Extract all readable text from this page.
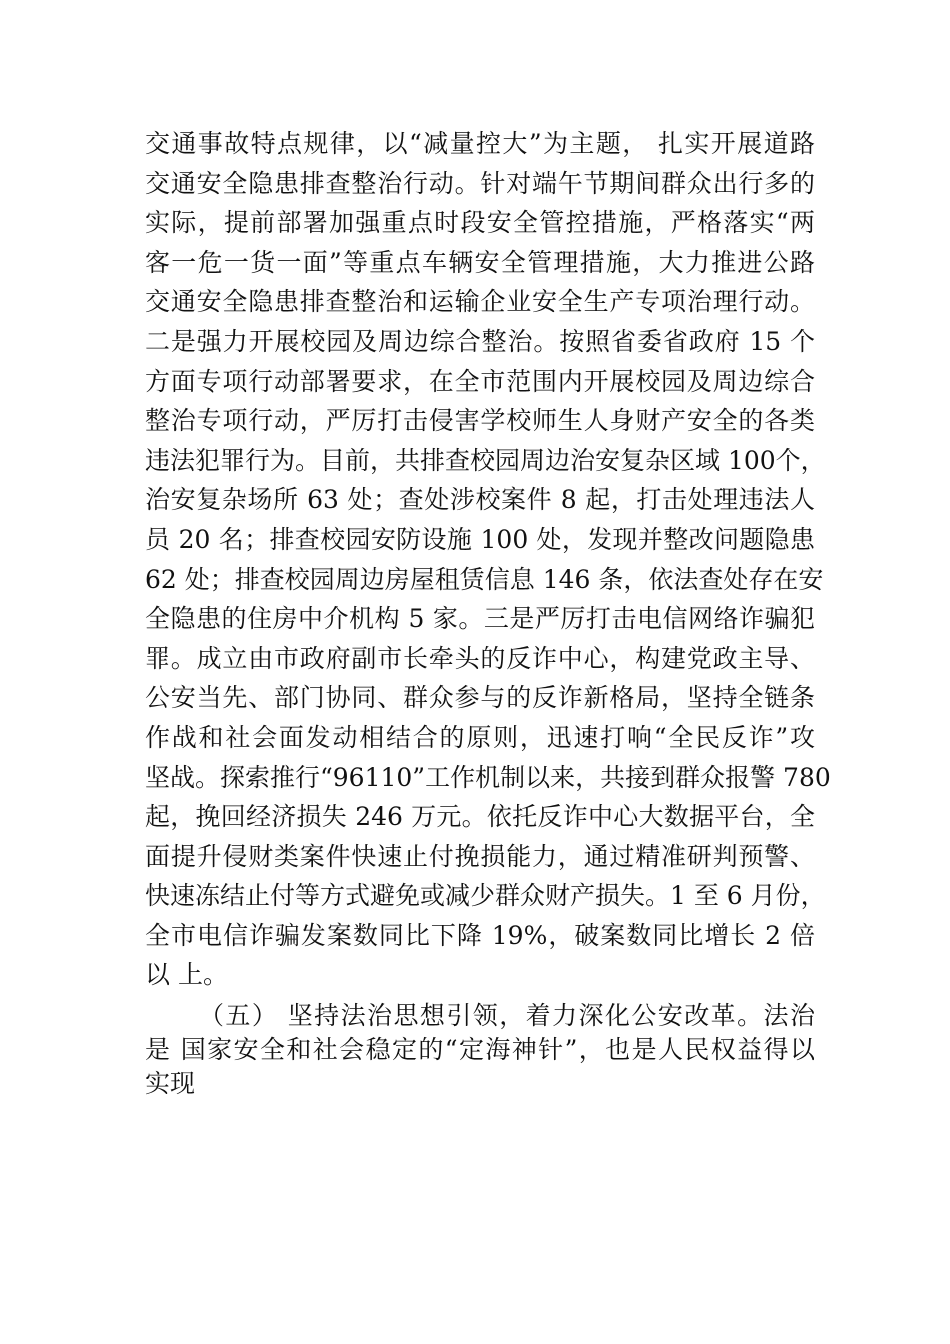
交通事故特点规律，以“减量控大”为主题， 扎实开展道路
交通安全隐患排查整治行动。针对端午节期间群众出行多的
实际，提前部署加强重点时段安全管控措施，严格落实“两
客一危一货一面”等重点车辆安全管理措施，大力推进公路
交通安全隐患排查整治和运输企业安全生产专项治理行动。
二是强力开展校园及周边综合整治。按照省委省政府 15 个
方面专项行动部署要求，在全市范围内开展校园及周边综合
整治专项行动，严厉打击侵害学校师生人身财产安全的各类
违法犯罪行为。目前，共排查校园周边治安复杂区域 100个，
治安复杂场所 63 处；查处涉校案件 8 起，打击处理违法人
员 20 名；排查校园安防设施 100 处，发现并整改问题隐患
62 处；排查校园周边房屋租赁信息 146 条，依法查处存在安
全隐患的住房中介机构 5 家。三是严厉打击电信网络诈骗犯
罪。成立由市政府副市长牵头的反诈中心，构建党政主导、
公安当先、部门协同、群众参与的反诈新格局，坚持全链条
作战和社会面发动相结合的原则，迅速打响“全民反诈”攻
坚战。探索推行“96110”工作机制以来，共接到群众报警 780
起，挽回经济损失 246 万元。依托反诈中心大数据平台，全
面提升侵财类案件快速止付挽损能力，通过精准研判预警、
快速冻结止付等方式避免或减少群众财产损失。1 至 6 月份，
全市电信诈骗发案数同比下降 19%，破案数同比增长 2 倍
以 上。
（五） 坚持法治思想引领，着力深化公安改革。法治
是 国家安全和社会稳定的“定海神针”，也是人民权益得以
实现
